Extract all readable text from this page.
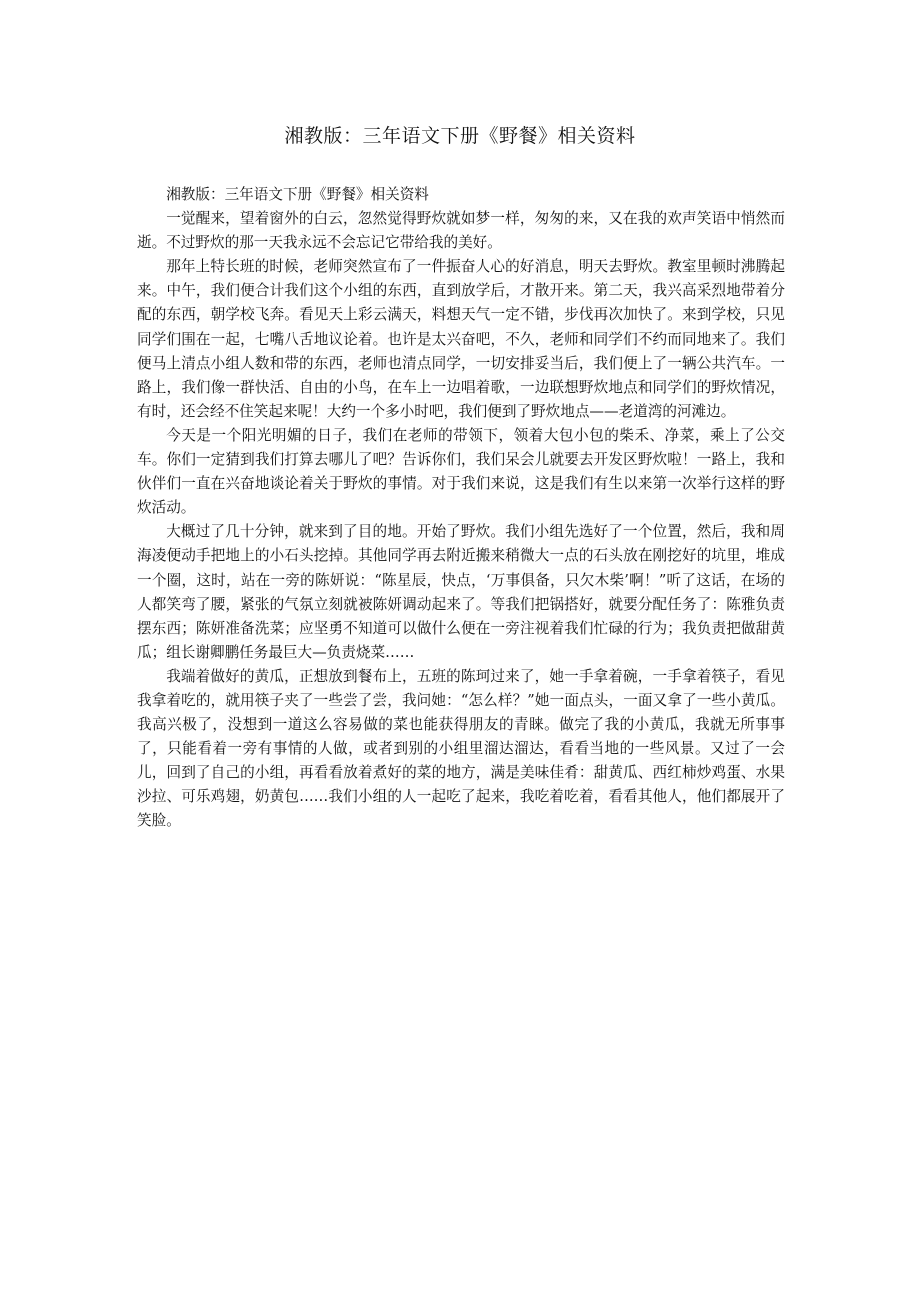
湘教版：三年语文下册《野餐》相关资料

湘教版：三年语文下册《野餐》相关资料

一觉醒来，望着窗外的白云，忽然觉得野炊就如梦一样，匆匆的来，又在我的欢声笑语中悄然而逝。不过野炊的那一天我永远不会忘记它带给我的美好。

那年上特长班的时候，老师突然宣布了一件振奋人心的好消息，明天去野炊。教室里顿时沸腾起来。中午，我们便合计我们这个小组的东西，直到放学后，才散开来。第二天，我兴高采烈地带着分配的东西，朝学校飞奔。看见天上彩云满天，料想天气一定不错，步伐再次加快了。来到学校，只见同学们围在一起，七嘴八舌地议论着。也许是太兴奋吧，不久，老师和同学们不约而同地来了。我们便马上清点小组人数和带的东西，老师也清点同学，一切安排妥当后，我们便上了一辆公共汽车。一路上，我们像一群快活、自由的小鸟，在车上一边唱着歌，一边联想野炊地点和同学们的野炊情况，有时，还会经不住笑起来呢！大约一个多小时吧，我们便到了野炊地点——老道湾的河滩边。

今天是一个阳光明媚的日子，我们在老师的带领下，领着大包小包的柴禾、净菜，乘上了公交车。你们一定猜到我们打算去哪儿了吧？告诉你们，我们呆会儿就要去开发区野炊啦！一路上，我和伙伴们一直在兴奋地谈论着关于野炊的事情。对于我们来说，这是我们有生以来第一次举行这样的野炊活动。

大概过了几十分钟，就来到了目的地。开始了野炊。我们小组先选好了一个位置，然后，我和周海凌便动手把地上的小石头挖掉。其他同学再去附近搬来稍微大一点的石头放在刚挖好的坑里，堆成一个圈，这时，站在一旁的陈妍说：“陈星辰，快点，‘万事俱备，只欠木柴’啊！”听了这话，在场的人都笑弯了腰，紧张的气氛立刻就被陈妍调动起来了。等我们把锅搭好，就要分配任务了：陈雅负责摆东西；陈妍准备洗菜；应坚勇不知道可以做什么便在一旁注视着我们忙碌的行为；我负责把做甜黄瓜；组长谢卿鹏任务最巨大—负责烧菜……

我端着做好的黄瓜，正想放到餐布上，五班的陈珂过来了，她一手拿着碗，一手拿着筷子，看见我拿着吃的，就用筷子夹了一些尝了尝，我问她：“怎么样？”她一面点头，一面又拿了一些小黄瓜。我高兴极了，没想到一道这么容易做的菜也能获得朋友的青睐。做完了我的小黄瓜，我就无所事事了，只能看着一旁有事情的人做，或者到别的小组里溜达溜达，看看当地的一些风景。又过了一会儿，回到了自己的小组，再看看放着煮好的菜的地方，满是美味佳肴：甜黄瓜、西红柿炒鸡蛋、水果沙拉、可乐鸡翅，奶黄包……我们小组的人一起吃了起来，我吃着吃着，看看其他人，他们都展开了笑脸。
